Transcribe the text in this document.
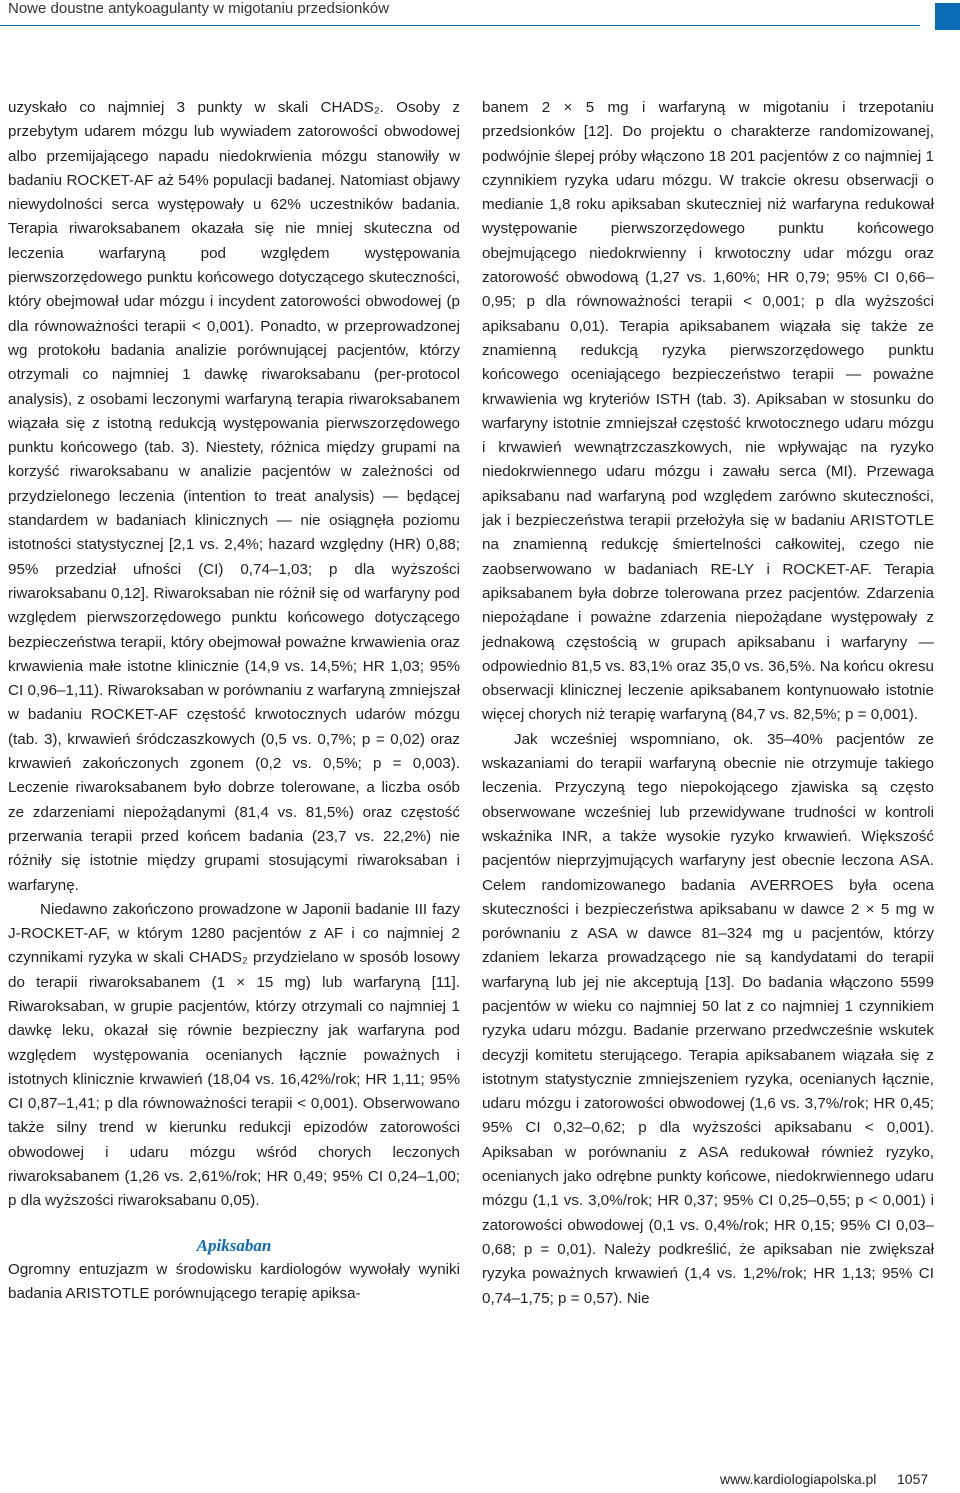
Nowe doustne antykoagulanty w migotaniu przedsionków

uzyskało co najmniej 3 punkty w skali CHADS₂. Osoby z przebytym udarem mózgu lub wywiadem zatorowości obwodowej albo przemijającego napadu niedokrwienia mózgu stanowiły w badaniu ROCKET-AF aż 54% populacji badanej. Natomiast objawy niewydolności serca występowały u 62% uczestników badania. Terapia riwaroksabanem okazała się nie mniej skuteczna od leczenia warfaryną pod względem występowania pierwszorzędowego punktu końcowego dotyczącego skuteczności, który obejmował udar mózgu i incydent zatorowości obwodowej (p dla równoważności terapii < 0,001). Ponadto, w przeprowadzonej wg protokołu badania analizie porównującej pacjentów, którzy otrzymali co najmniej 1 dawkę riwaroksabanu (per-protocol analysis), z osobami leczonymi warfaryną terapia riwaroksabanem wiązała się z istotną redukcją występowania pierwszorzędowego punktu końcowego (tab. 3). Niestety, różnica między grupami na korzyść riwaroksabanu w analizie pacjentów w zależności od przydzielonego leczenia (intention to treat analysis) — będącej standardem w badaniach klinicznych — nie osiągnęła poziomu istotności statystycznej [2,1 vs. 2,4%; hazard względny (HR) 0,88; 95% przedział ufności (CI) 0,74–1,03; p dla wyższości riwaroksabanu 0,12]. Riwaroksaban nie różnił się od warfaryny pod względem pierwszorzędowego punktu końcowego dotyczącego bezpieczeństwa terapii, który obejmował poważne krwawienia oraz krwawienia małe istotne klinicznie (14,9 vs. 14,5%; HR 1,03; 95% CI 0,96–1,11). Riwaroksaban w porównaniu z warfaryną zmniejszał w badaniu ROCKET-AF częstość krwotocznych udarów mózgu (tab. 3), krwawień śródczaszkowych (0,5 vs. 0,7%; p = 0,02) oraz krwawień zakończonych zgonem (0,2 vs. 0,5%; p = 0,003). Leczenie riwaroksabanem było dobrze tolerowane, a liczba osób ze zdarzeniami niepożądanymi (81,4 vs. 81,5%) oraz częstość przerwania terapii przed końcem badania (23,7 vs. 22,2%) nie różniły się istotnie między grupami stosującymi riwaroksaban i warfarynę.

Niedawno zakończono prowadzone w Japonii badanie III fazy J-ROCKET-AF, w którym 1280 pacjentów z AF i co najmniej 2 czynnikami ryzyka w skali CHADS₂ przydzielano w sposób losowy do terapii riwaroksabanem (1 × 15 mg) lub warfaryną [11]. Riwaroksaban, w grupie pacjentów, którzy otrzymali co najmniej 1 dawkę leku, okazał się równie bezpieczny jak warfaryna pod względem występowania ocenianych łącznie poważnych i istotnych klinicznie krwawień (18,04 vs. 16,42%/rok; HR 1,11; 95% CI 0,87–1,41; p dla równoważności terapii < 0,001). Obserwowano także silny trend w kierunku redukcji epizodów zatorowości obwodowej i udaru mózgu wśród chorych leczonych riwaroksabanem (1,26 vs. 2,61%/rok; HR 0,49; 95% CI 0,24–1,00; p dla wyższości riwaroksabanu 0,05).

Apiksaban

Ogromny entuzjazm w środowisku kardiologów wywołały wyniki badania ARISTOTLE porównującego terapię apiksa-

banem 2 × 5 mg i warfaryną w migotaniu i trzepotaniu przedsionków [12]. Do projektu o charakterze randomizowanej, podwójnie ślepej próby włączono 18 201 pacjentów z co najmniej 1 czynnikiem ryzyka udaru mózgu. W trakcie okresu obserwacji o medianie 1,8 roku apiksaban skuteczniej niż warfaryna redukował występowanie pierwszorzędowego punktu końcowego obejmującego niedokrwienny i krwotoczny udar mózgu oraz zatorowość obwodową (1,27 vs. 1,60%; HR 0,79; 95% CI 0,66–0,95; p dla równoważności terapii < 0,001; p dla wyższości apiksabanu 0,01). Terapia apiksabanem wiązała się także ze znamienną redukcją ryzyka pierwszorzędowego punktu końcowego oceniającego bezpieczeństwo terapii — poważne krwawienia wg kryteriów ISTH (tab. 3). Apiksaban w stosunku do warfaryny istotnie zmniejszał częstość krwotocznego udaru mózgu i krwawień wewnątrzczaszkowych, nie wpływając na ryzyko niedokrwiennego udaru mózgu i zawału serca (MI). Przewaga apiksabanu nad warfaryną pod względem zarówno skuteczności, jak i bezpieczeństwa terapii przełożyła się w badaniu ARISTOTLE na znamienną redukcję śmiertelności całkowitej, czego nie zaobserwowano w badaniach RE-LY i ROCKET-AF. Terapia apiksabanem była dobrze tolerowana przez pacjentów. Zdarzenia niepożądane i poważne zdarzenia niepożądane występowały z jednakową częstością w grupach apiksabanu i warfaryny — odpowiednio 81,5 vs. 83,1% oraz 35,0 vs. 36,5%. Na końcu okresu obserwacji klinicznej leczenie apiksabanem kontynuowało istotnie więcej chorych niż terapię warfaryną (84,7 vs. 82,5%; p = 0,001).

Jak wcześniej wspomniano, ok. 35–40% pacjentów ze wskazaniami do terapii warfaryną obecnie nie otrzymuje takiego leczenia. Przyczyną tego niepokojącego zjawiska są często obserwowane wcześniej lub przewidywane trudności w kontroli wskaźnika INR, a także wysokie ryzyko krwawień. Większość pacjentów nieprzyjmujących warfaryny jest obecnie leczona ASA. Celem randomizowanego badania AVERROES była ocena skuteczności i bezpieczeństwa apiksabanu w dawce 2 × 5 mg w porównaniu z ASA w dawce 81–324 mg u pacjentów, którzy zdaniem lekarza prowadzącego nie są kandydatami do terapii warfaryną lub jej nie akceptują [13]. Do badania włączono 5599 pacjentów w wieku co najmniej 50 lat z co najmniej 1 czynnikiem ryzyka udaru mózgu. Badanie przerwano przedwcześnie wskutek decyzji komitetu sterującego. Terapia apiksabanem wiązała się z istotnym statystycznie zmniejszeniem ryzyka, ocenianych łącznie, udaru mózgu i zatorowości obwodowej (1,6 vs. 3,7%/rok; HR 0,45; 95% CI 0,32–0,62; p dla wyższości apiksabanu < 0,001). Apiksaban w porównaniu z ASA redukował również ryzyko, ocenianych jako odrębne punkty końcowe, niedokrwiennego udaru mózgu (1,1 vs. 3,0%/rok; HR 0,37; 95% CI 0,25–0,55; p < 0,001) i zatorowości obwodowej (0,1 vs. 0,4%/rok; HR 0,15; 95% CI 0,03–0,68; p = 0,01). Należy podkreślić, że apiksaban nie zwiększał ryzyka poważnych krwawień (1,4 vs. 1,2%/rok; HR 1,13; 95% CI 0,74–1,75; p = 0,57). Nie

www.kardiologiapolska.pl 1057
